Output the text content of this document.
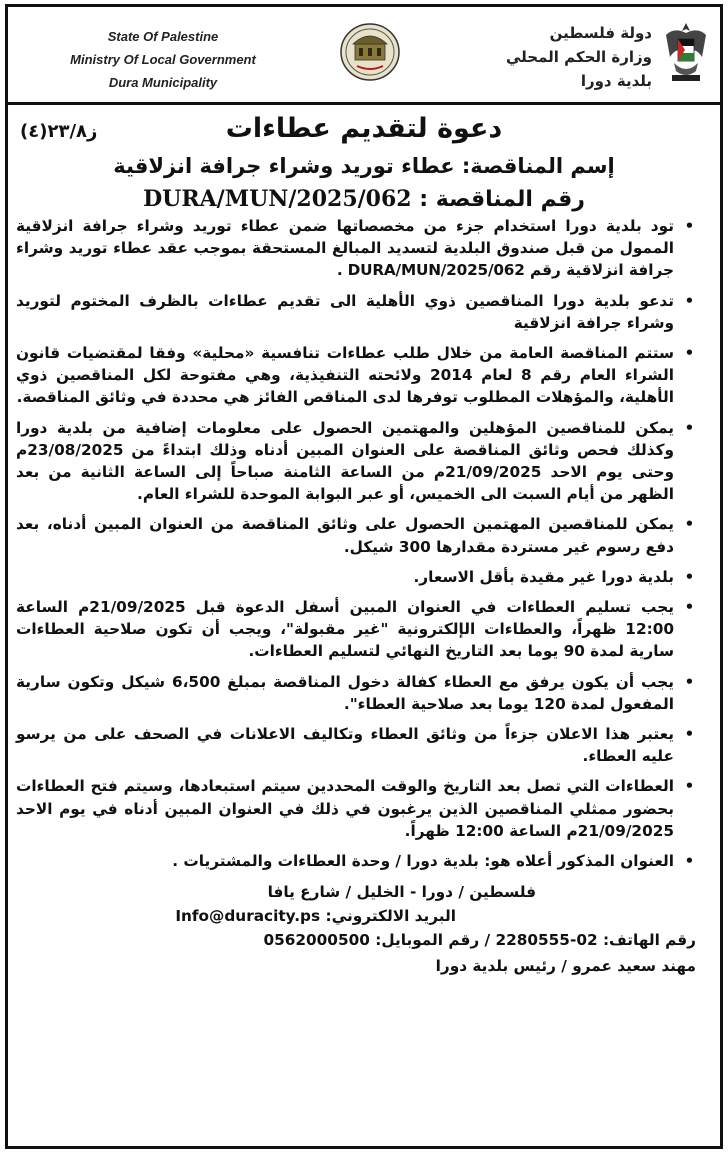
State Of Palestine
Ministry Of Local Government
Dura Municipality
دولة فلسطين
وزارة الحكم المحلي
بلدية دورا
ز٢٣/٨(٤)	دعوة لتقديم عطاءات
إسم المناقصة: عطاء توريد وشراء جرافة انزلاقية
رقم المناقصة : DURA/MUN/2025/062
•
تود بلدية دورا استخدام جزء من مخصصاتها ضمن عطاء توريد وشراء جرافة انزلاقية الممول من قبل صندوق البلدية لتسديد المبالغ المستحقة بموجب عقد عطاء توريد وشراء جرافة انزلاقية رقم DURA/MUN/2025/062 .
•
تدعو بلدية دورا المناقصين ذوي الأهلية الى تقديم عطاءات بالظرف المختوم لتوريد وشراء جرافة انزلاقية
•
ستتم المناقصة العامة من خلال طلب عطاءات تنافسية «محلية» وفقا لمقتضيات قانون الشراء العام رقم 8 لعام 2014 ولائحته التنفيذية، وهي مفتوحة لكل المناقصين ذوي الأهلية، والمؤهلات المطلوب توفرها لدى المناقص الفائز هي محددة في وثائق المناقصة.
•
يمكن للمناقصين المؤهلين والمهتمين الحصول على معلومات إضافية من بلدية دورا وكذلك فحص وثائق المناقصة على العنوان المبين أدناه وذلك ابتداءً من 23/08/2025م وحتى يوم الاحد 21/09/2025م من الساعة الثامنة صباحاً إلى الساعة الثانية من بعد الظهر من أيام السبت الى الخميس، أو عبر البوابة الموحدة للشراء العام.
•
يمكن للمناقصين المهتمين الحصول على وثائق المناقصة من العنوان المبين أدناه، بعد دفع رسوم غير مستردة مقدارها 300 شيكل.
•
بلدية دورا غير مقيدة بأقل الاسعار.
•
يجب تسليم العطاءات في العنوان المبين أسفل الدعوة قبل 21/09/2025م الساعة 12:00 ظهراً، والعطاءات الإلكترونية "غير مقبولة"، ويجب أن تكون صلاحية العطاءات سارية لمدة 90 يوما بعد التاريخ النهائي لتسليم العطاءات.
•
يجب أن يكون يرفق مع العطاء كفالة دخول المناقصة بمبلغ 6،500 شيكل وتكون سارية المفعول لمدة 120 يوما بعد صلاحية العطاء".
•
يعتبر هذا الاعلان جزءاً من وثائق العطاء وتكاليف الاعلانات في الصحف على من يرسو عليه العطاء.
•
العطاءات التي تصل بعد التاريخ والوقت المحددين سيتم استبعادها، وسيتم فتح العطاءات بحضور ممثلي المناقصين الذين يرغبون في ذلك في العنوان المبين أدناه في يوم الاحد 21/09/2025م الساعة 12:00 ظهراً.
•
العنوان المذكور أعلاه هو: بلدية دورا / وحدة العطاءات والمشتريات .
فلسطين / دورا - الخليل / شارع يافا
البريد الالكتروني: Info@duracity.ps
رقم الهاتف: 02-2280555 / رقم الموبايل: 0562000500
مهند سعيد عمرو / رئيس بلدية دورا
